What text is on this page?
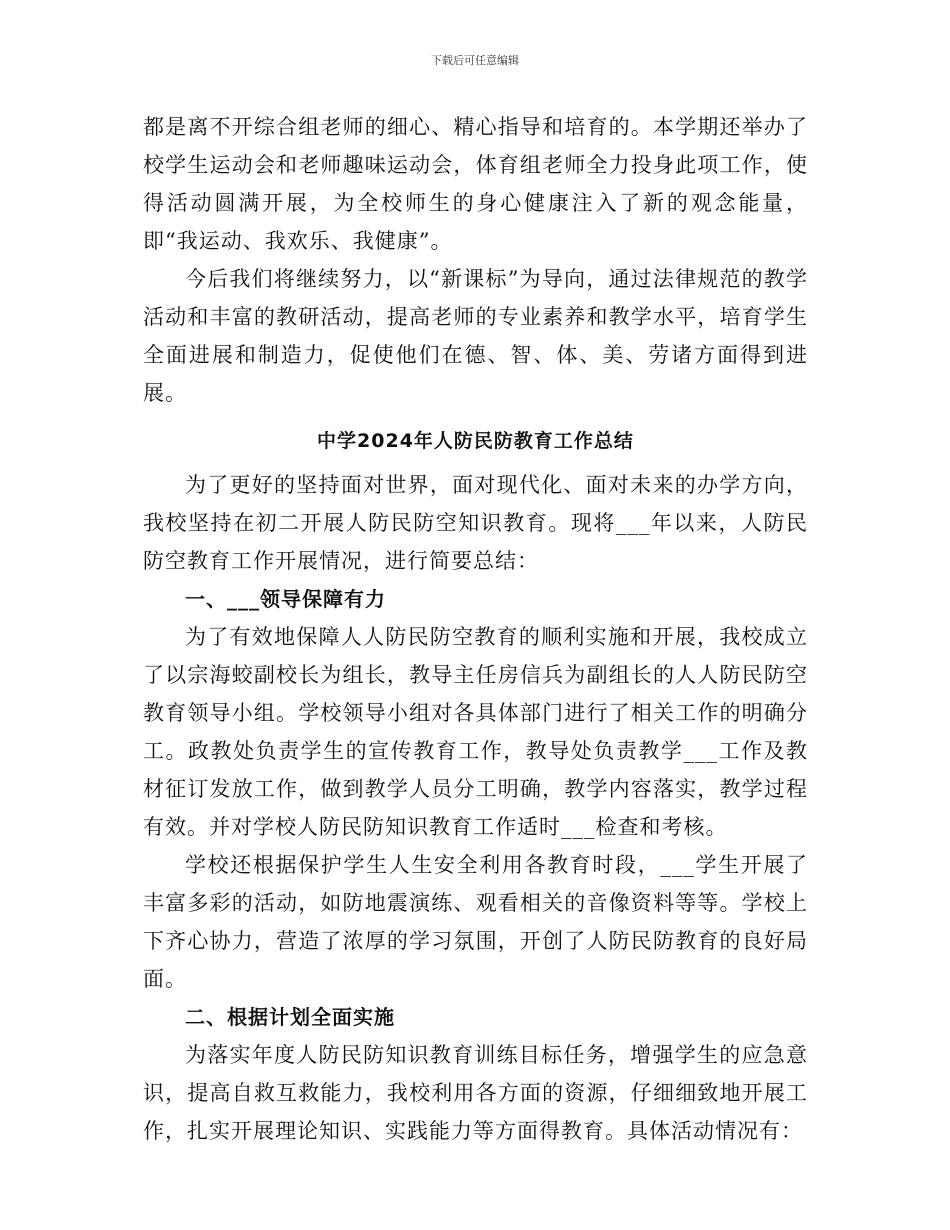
下载后可任意编辑

都是离不开综合组老师的细心、精心指导和培育的。本学期还举办了校学生运动会和老师趣味运动会，体育组老师全力投身此项工作，使得活动圆满开展，为全校师生的身心健康注入了新的观念能量，即“我运动、我欢乐、我健康”。

今后我们将继续努力，以“新课标”为导向，通过法律规范的教学活动和丰富的教研活动，提高老师的专业素养和教学水平，培育学生全面进展和制造力，促使他们在德、智、体、美、劳诸方面得到进展。

中学2024年人防民防教育工作总结

为了更好的坚持面对世界，面对现代化、面对未来的办学方向，我校坚持在初二开展人防民防空知识教育。现将___年以来，人防民防空教育工作开展情况，进行简要总结：

一、___领导保障有力

为了有效地保障人人防民防空教育的顺利实施和开展，我校成立了以宗海蛟副校长为组长，教导主任房信兵为副组长的人人防民防空教育领导小组。学校领导小组对各具体部门进行了相关工作的明确分工。政教处负责学生的宣传教育工作，教导处负责教学___工作及教材征订发放工作，做到教学人员分工明确，教学内容落实，教学过程有效。并对学校人防民防知识教育工作适时___检查和考核。

学校还根据保护学生人生安全利用各教育时段，___学生开展了丰富多彩的活动，如防地震演练、观看相关的音像资料等等。学校上下齐心协力，营造了浓厚的学习氛围，开创了人防民防教育的良好局面。

二、根据计划全面实施

为落实年度人防民防知识教育训练目标任务，增强学生的应急意识，提高自救互救能力，我校利用各方面的资源，仔细细致地开展工作，扎实开展理论知识、实践能力等方面得教育。具体活动情况有：
